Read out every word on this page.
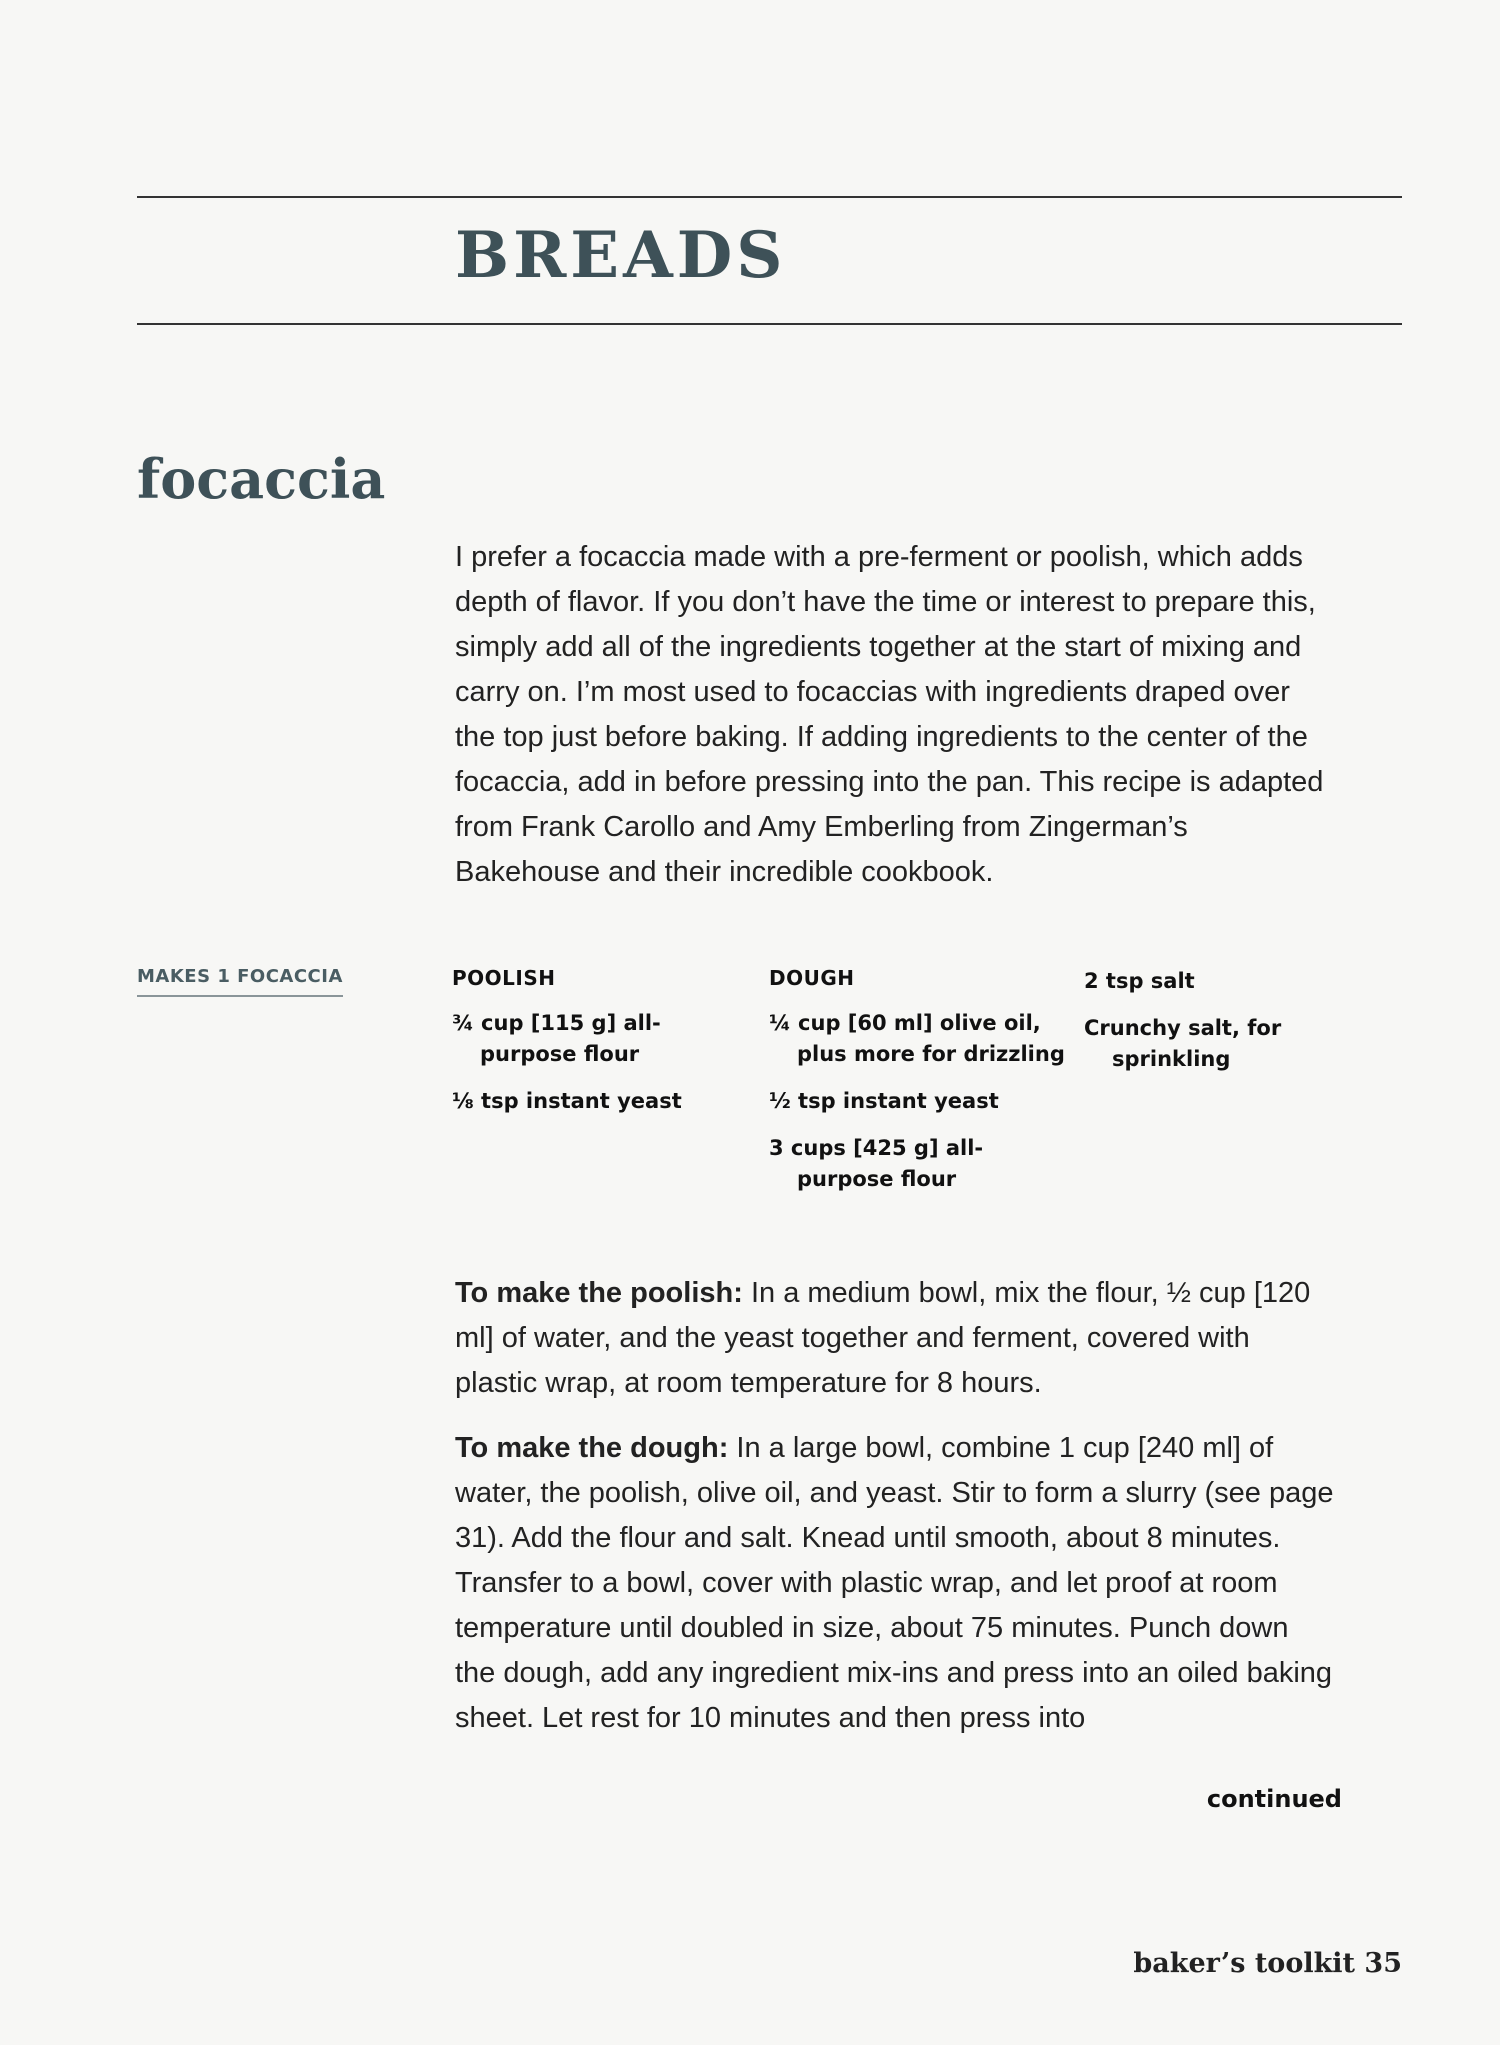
BREADS
focaccia

I prefer a focaccia made with a pre-ferment or poolish, which adds depth of flavor. If you don’t have the time or interest to prepare this, simply add all of the ingredients together at the start of mixing and carry on. I’m most used to focaccias with ingredients draped over the top just before baking. If adding ingredients to the center of the focaccia, add in before pressing into the pan. This recipe is adapted from Frank Carollo and Amy Emberling from Zingerman’s Bakehouse and their incredible cookbook.

MAKES 1 FOCACCIA	POOLISH

¾ cup [115 g] all-purpose flour

⅛ tsp instant yeast

DOUGH

¼ cup [60 ml] olive oil, plus more for drizzling

½ tsp instant yeast

3 cups [425 g] all-purpose flour

2 tsp salt

Crunchy salt, for sprinkling

To make the poolish: In a medium bowl, mix the flour, ½ cup [120 ml] of water, and the yeast together and ferment, covered with plastic wrap, at room temperature for 8 hours.

To make the dough: In a large bowl, combine 1 cup [240 ml] of water, the poolish, olive oil, and yeast. Stir to form a slurry (see page 31). Add the flour and salt. Knead until smooth, about 8 minutes. Transfer to a bowl, cover with plastic wrap, and let proof at room temperature until doubled in size, about 75 minutes. Punch down the dough, add any ingredient mix-ins and press into an oiled baking sheet. Let rest for 10 minutes and then press into

continued

baker’s toolkit 35
